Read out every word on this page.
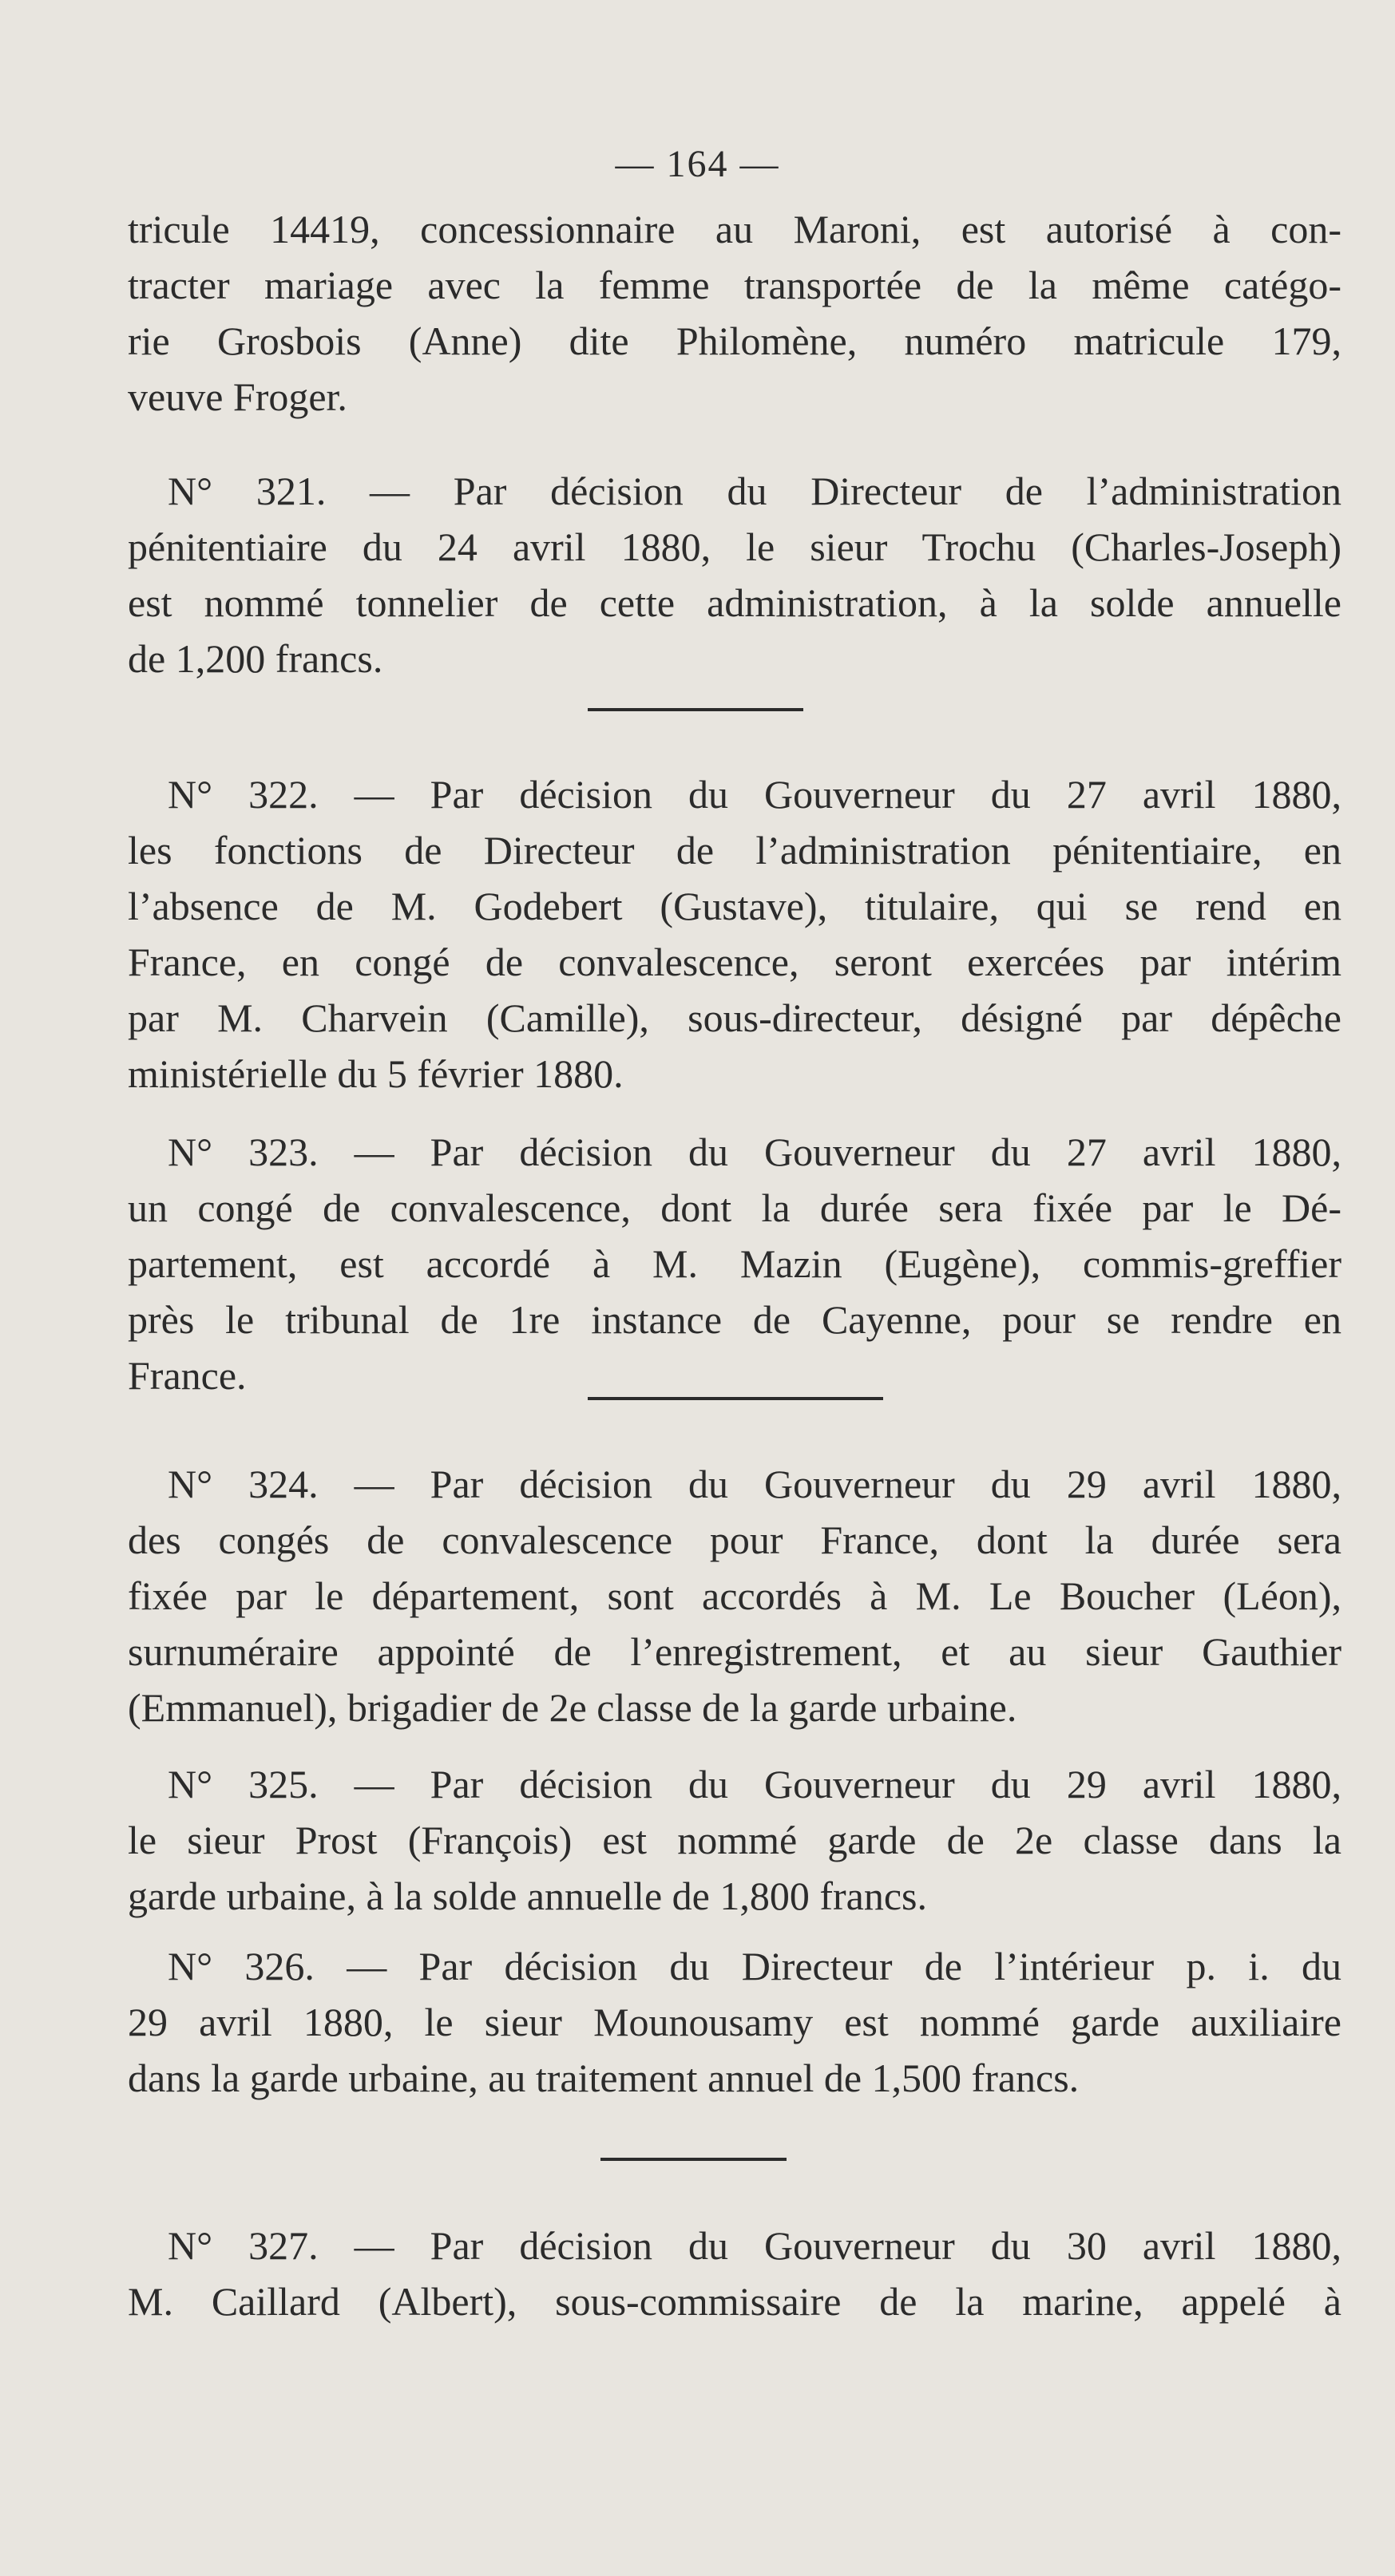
— 164 —
tricule 14419, concessionnaire au Maroni, est autorisé à con-
tracter mariage avec la femme transportée de la même catégo-
rie Grosbois (Anne) dite Philomène, numéro matricule 179,
veuve Froger.
N° 321. — Par décision du Directeur de l’administration
pénitentiaire du 24 avril 1880, le sieur Trochu (Charles-Joseph)
est nommé tonnelier de cette administration, à la solde annuelle
de 1,200 francs.
N° 322. — Par décision du Gouverneur du 27 avril 1880,
les fonctions de Directeur de l’administration pénitentiaire, en
l’absence de M. Godebert (Gustave), titulaire, qui se rend en
France, en congé de convalescence, seront exercées par intérim
par M. Charvein (Camille), sous-directeur, désigné par dépêche
ministérielle du 5 février 1880.
N° 323. — Par décision du Gouverneur du 27 avril 1880,
un congé de convalescence, dont la durée sera fixée par le Dé-
partement, est accordé à M. Mazin (Eugène), commis-greffier
près le tribunal de 1re instance de Cayenne, pour se rendre en
France.
N° 324. — Par décision du Gouverneur du 29 avril 1880,
des congés de convalescence pour France, dont la durée sera
fixée par le département, sont accordés à M. Le Boucher (Léon),
surnuméraire appointé de l’enregistrement, et au sieur Gauthier
(Emmanuel), brigadier de 2e classe de la garde urbaine.
N° 325. — Par décision du Gouverneur du 29 avril 1880,
le sieur Prost (François) est nommé garde de 2e classe dans la
garde urbaine, à la solde annuelle de 1,800 francs.
N° 326. — Par décision du Directeur de l’intérieur p. i. du
29 avril 1880, le sieur Mounousamy est nommé garde auxiliaire
dans la garde urbaine, au traitement annuel de 1,500 francs.
N° 327. — Par décision du Gouverneur du 30 avril 1880,
M. Caillard (Albert), sous-commissaire de la marine, appelé à
